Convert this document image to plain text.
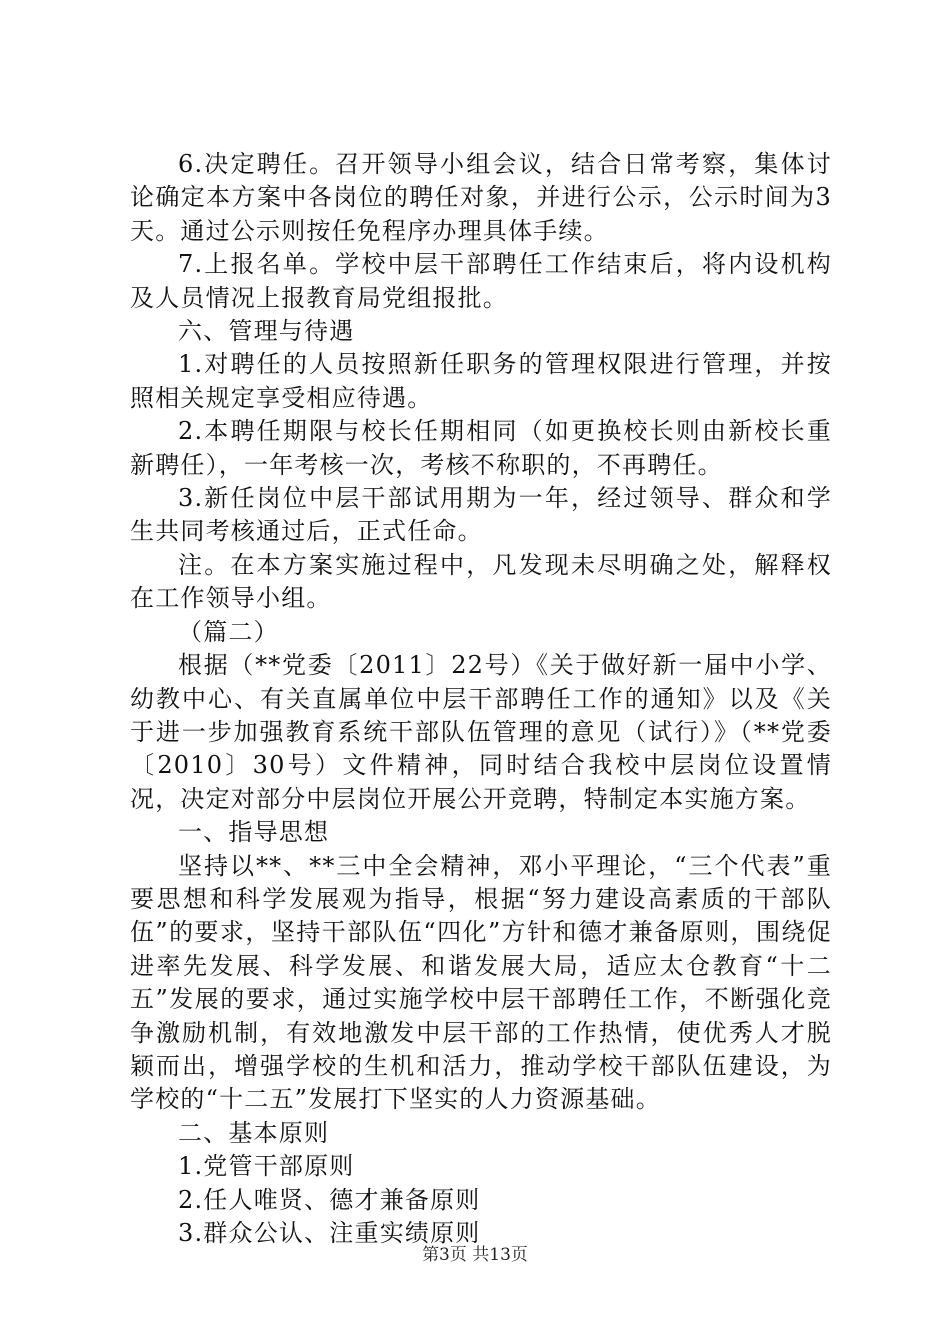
6.决定聘任。召开领导小组会议，结合日常考察，集体讨论确定本方案中各岗位的聘任对象，并进行公示，公示时间为3天。通过公示则按任免程序办理具体手续。

7.上报名单。学校中层干部聘任工作结束后，将内设机构及人员情况上报教育局党组报批。

六、管理与待遇

1.对聘任的人员按照新任职务的管理权限进行管理，并按照相关规定享受相应待遇。

2.本聘任期限与校长任期相同（如更换校长则由新校长重新聘任），一年考核一次，考核不称职的，不再聘任。

3.新任岗位中层干部试用期为一年，经过领导、群众和学生共同考核通过后，正式任命。

注。在本方案实施过程中，凡发现未尽明确之处，解释权在工作领导小组。

（篇二）

根据（**党委〔2011〕22号）《关于做好新一届中小学、幼教中心、有关直属单位中层干部聘任工作的通知》以及《关于进一步加强教育系统干部队伍管理的意见（试行）》（**党委〔2010〕30号）文件精神，同时结合我校中层岗位设置情况，决定对部分中层岗位开展公开竞聘，特制定本实施方案。

一、指导思想

坚持以**、**三中全会精神，邓小平理论，“三个代表”重要思想和科学发展观为指导，根据“努力建设高素质的干部队伍”的要求，坚持干部队伍“四化”方针和德才兼备原则，围绕促进率先发展、科学发展、和谐发展大局，适应太仓教育“十二五”发展的要求，通过实施学校中层干部聘任工作，不断强化竞争激励机制，有效地激发中层干部的工作热情，使优秀人才脱颖而出，增强学校的生机和活力，推动学校干部队伍建设，为学校的“十二五”发展打下坚实的人力资源基础。

二、基本原则

1.党管干部原则

2.任人唯贤、德才兼备原则

3.群众公认、注重实绩原则

第3页 共13页
